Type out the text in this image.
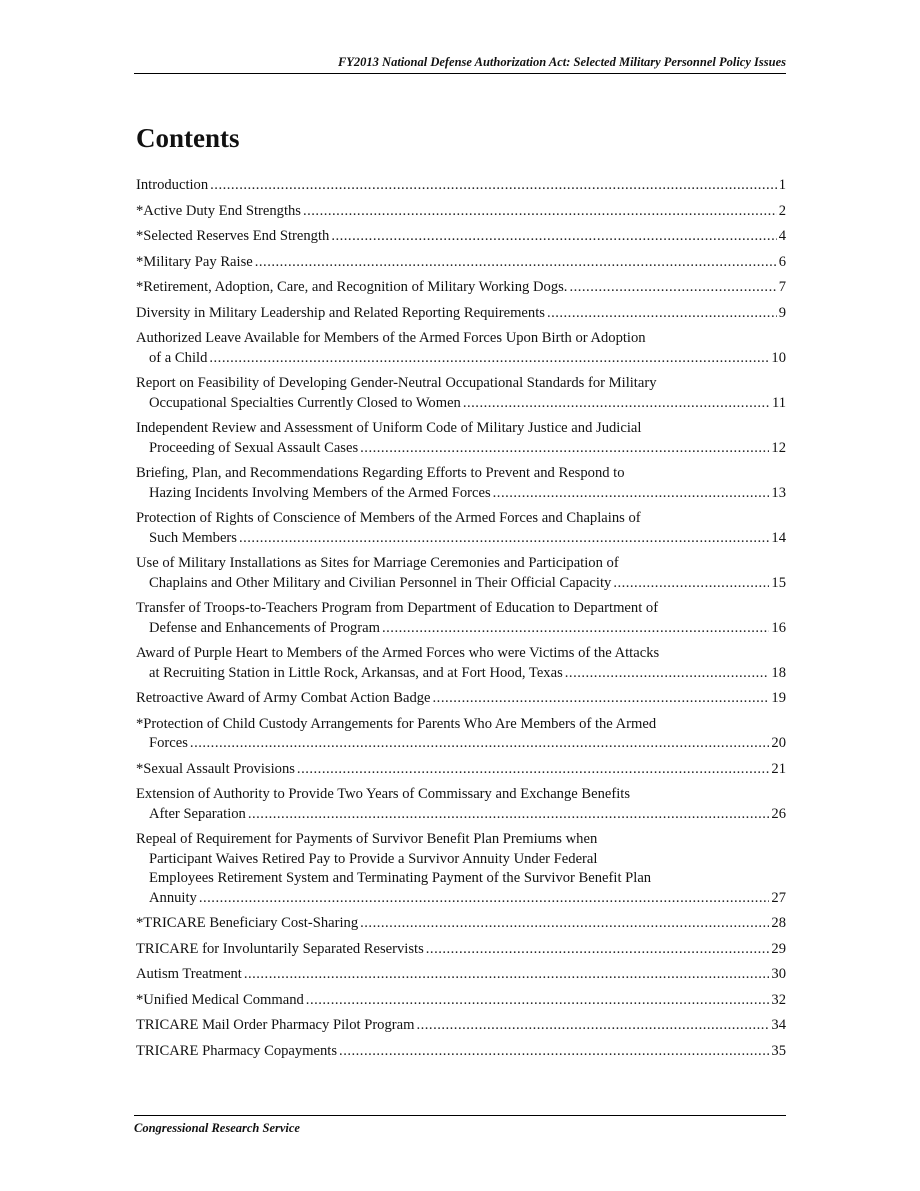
FY2013 National Defense Authorization Act: Selected Military Personnel Policy Issues
Contents
Introduction .....	1
*Active Duty End Strengths .....	2
*Selected Reserves End Strength .....	4
*Military Pay Raise .....	6
*Retirement, Adoption, Care, and Recognition of Military Working Dogs. .....	7
Diversity in Military Leadership and Related Reporting Requirements .....	9
Authorized Leave Available for Members of the Armed Forces Upon Birth or Adoption
of a Child .....	10
Report on Feasibility of Developing Gender-Neutral Occupational Standards for Military
Occupational Specialties Currently Closed to Women .....	11
Independent Review and Assessment of Uniform Code of Military Justice and Judicial
Proceeding of Sexual Assault Cases .....	12
Briefing, Plan, and Recommendations Regarding Efforts to Prevent and Respond to
Hazing Incidents Involving Members of the Armed Forces .....	13
Protection of Rights of Conscience of Members of the Armed Forces and Chaplains of
Such Members .....	14
Use of Military Installations as Sites for Marriage Ceremonies and Participation of
Chaplains and Other Military and Civilian Personnel in Their Official Capacity .....	15
Transfer of Troops-to-Teachers Program from Department of Education to Department of
Defense and Enhancements of Program .....	16
Award of Purple Heart to Members of the Armed Forces who were Victims of the Attacks
at Recruiting Station in Little Rock, Arkansas, and at Fort Hood, Texas .....	18
Retroactive Award of Army Combat Action Badge .....	19
*Protection of Child Custody Arrangements for Parents Who Are Members of the Armed
Forces .....	20
*Sexual Assault Provisions .....	21
Extension of Authority to Provide Two Years of Commissary and Exchange Benefits
After Separation .....	26
Repeal of Requirement for Payments of Survivor Benefit Plan Premiums when
Participant Waives Retired Pay to Provide a Survivor Annuity Under Federal
Employees Retirement System and Terminating Payment of the Survivor Benefit Plan
Annuity .....	27
*TRICARE Beneficiary Cost-Sharing .....	28
TRICARE for Involuntarily Separated Reservists .....	29
Autism Treatment .....	30
*Unified Medical Command .....	32
TRICARE Mail Order Pharmacy Pilot Program .....	34
TRICARE Pharmacy Copayments .....	35
Congressional Research Service
